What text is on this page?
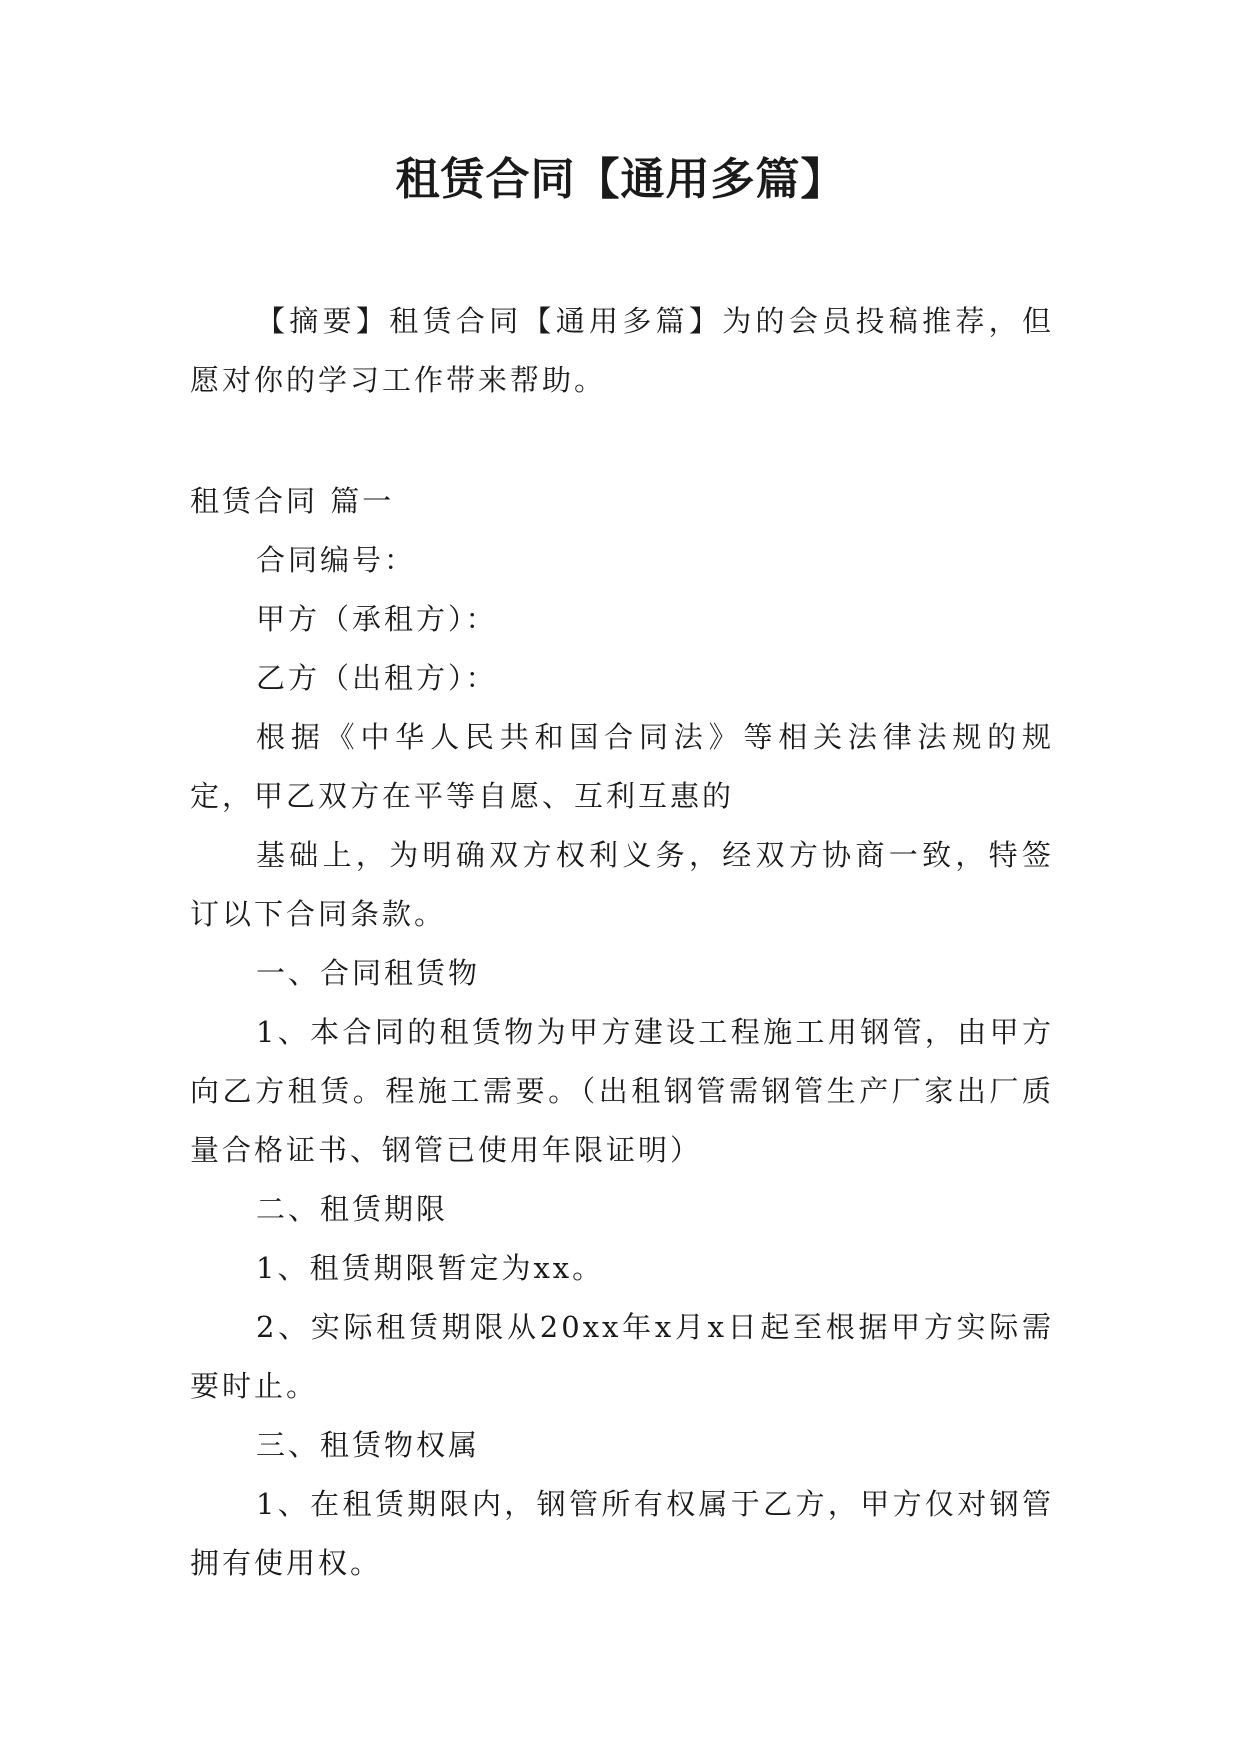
租赁合同【通用多篇】

【摘要】租赁合同【通用多篇】为的会员投稿推荐，但愿对你的学习工作带来帮助。

租赁合同 篇一

合同编号：

甲方（承租方）：

乙方（出租方）：

根据《中华人民共和国合同法》等相关法律法规的规定，甲乙双方在平等自愿、互利互惠的

基础上，为明确双方权利义务，经双方协商一致，特签订以下合同条款。

一、合同租赁物

1、本合同的租赁物为甲方建设工程施工用钢管，由甲方向乙方租赁。程施工需要。（出租钢管需钢管生产厂家出厂质量合格证书、钢管已使用年限证明）

二、租赁期限

1、租赁期限暂定为xx。

2、实际租赁期限从20xx年x月x日起至根据甲方实际需要时止。

三、租赁物权属

1、在租赁期限内，钢管所有权属于乙方，甲方仅对钢管拥有使用权。
